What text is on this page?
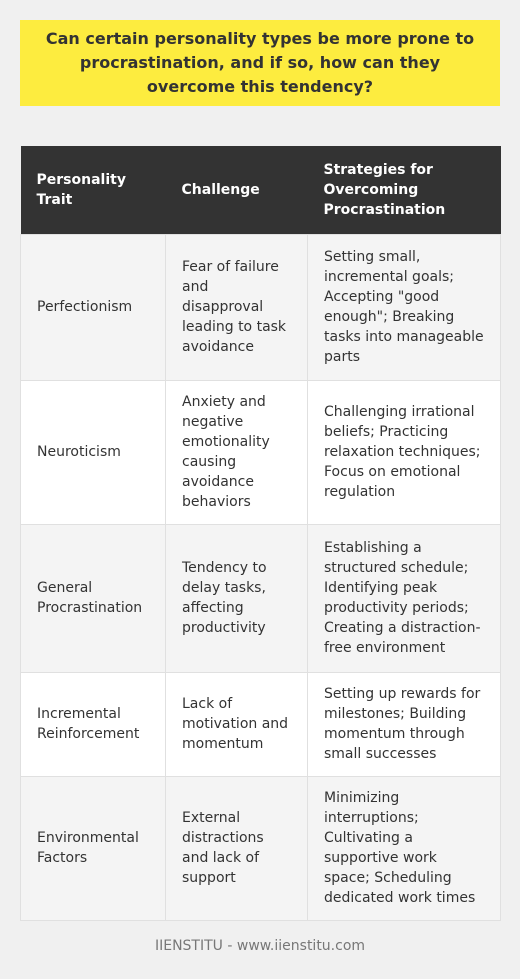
Can certain personality types be more prone to procrastination, and if so, how can they overcome this tendency?
Personality Trait	Challenge	Strategies for Overcoming Procrastination
Perfectionism	Fear of failure and disapproval leading to task avoidance	Setting small, incremental goals; Accepting "good enough"; Breaking tasks into manageable parts
Neuroticism	Anxiety and negative emotionality causing avoidance behaviors	Challenging irrational beliefs; Practicing relaxation techniques; Focus on emotional regulation
General Procrastination	Tendency to delay tasks, affecting productivity	Establishing a structured schedule; Identifying peak productivity periods; Creating a distraction-free environment
Incremental Reinforcement	Lack of motivation and momentum	Setting up rewards for milestones; Building momentum through small successes
Environmental Factors	External distractions and lack of support	Minimizing interruptions; Cultivating a supportive work space; Scheduling dedicated work times
IIENSTITU - www.iienstitu.com
